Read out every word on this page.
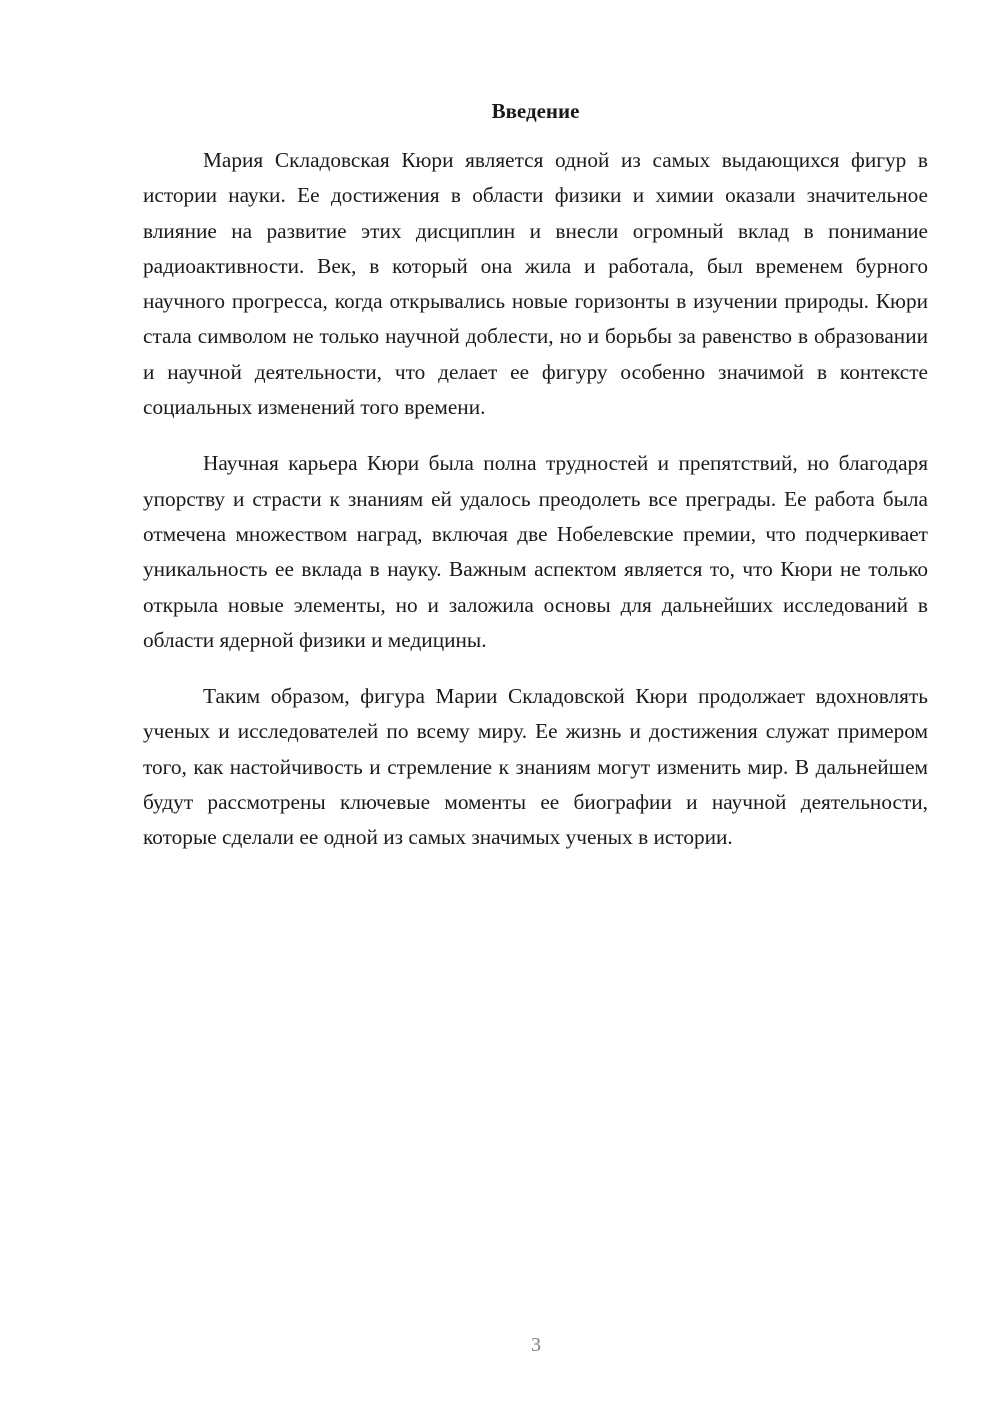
Введение

Мария Складовская Кюри является одной из самых выдающихся фигур в истории науки. Ее достижения в области физики и химии оказали значительное влияние на развитие этих дисциплин и внесли огромный вклад в понимание радиоактивности. Век, в который она жила и работала, был временем бурного научного прогресса, когда открывались новые горизонты в изучении природы. Кюри стала символом не только научной доблести, но и борьбы за равенство в образовании и научной деятельности, что делает ее фигуру особенно значимой в контексте социальных изменений того времени.

Научная карьера Кюри была полна трудностей и препятствий, но благодаря упорству и страсти к знаниям ей удалось преодолеть все преграды. Ее работа была отмечена множеством наград, включая две Нобелевские премии, что подчеркивает уникальность ее вклада в науку. Важным аспектом является то, что Кюри не только открыла новые элементы, но и заложила основы для дальнейших исследований в области ядерной физики и медицины.

Таким образом, фигура Марии Складовской Кюри продолжает вдохновлять ученых и исследователей по всему миру. Ее жизнь и достижения служат примером того, как настойчивость и стремление к знаниям могут изменить мир. В дальнейшем будут рассмотрены ключевые моменты ее биографии и научной деятельности, которые сделали ее одной из самых значимых ученых в истории.

3
